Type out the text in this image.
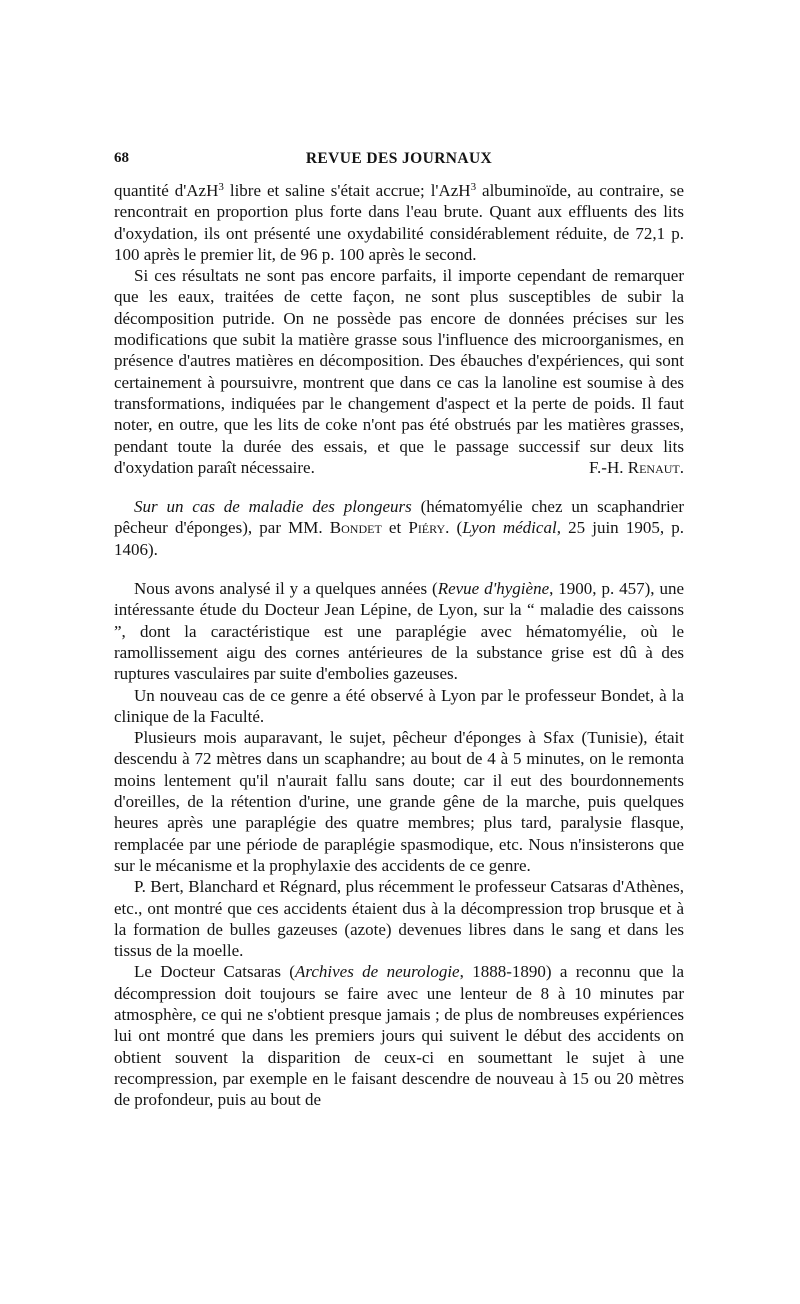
68	REVUE DES JOURNAUX

quantité d'AzH$^3$ libre et saline s'était accrue; l'AzH$^3$ albuminoïde, au contraire, se rencontrait en proportion plus forte dans l'eau brute. Quant aux effluents des lits d'oxydation, ils ont présenté une oxydabilité considérablement réduite, de 72,1 p. 100 après le premier lit, de 96 p. 100 après le second.

Si ces résultats ne sont pas encore parfaits, il importe cependant de remarquer que les eaux, traitées de cette façon, ne sont plus susceptibles de subir la décomposition putride. On ne possède pas encore de données précises sur les modifications que subit la matière grasse sous l'influence des microorganismes, en présence d'autres matières en décomposition. Des ébauches d'expériences, qui sont certainement à poursuivre, montrent que dans ce cas la lanoline est soumise à des transformations, indiquées par le changement d'aspect et la perte de poids. Il faut noter, en outre, que les lits de coke n'ont pas été obstrués par les matières grasses, pendant toute la durée des essais, et que le passage successif sur deux lits d'oxydation paraît nécessaire.	F.-H. Renaut.

Sur un cas de maladie des plongeurs (hématomyélie chez un scaphandrier pêcheur d'éponges), par MM. Bondet et Piéry. (Lyon médical, 25 juin 1905, p. 1406).

Nous avons analysé il y a quelques années (Revue d'hygiène, 1900, p. 457), une intéressante étude du Docteur Jean Lépine, de Lyon, sur la “ maladie des caissons ”, dont la caractéristique est une paraplégie avec hématomyélie, où le ramollissement aigu des cornes antérieures de la substance grise est dû à des ruptures vasculaires par suite d'embolies gazeuses.

Un nouveau cas de ce genre a été observé à Lyon par le professeur Bondet, à la clinique de la Faculté.

Plusieurs mois auparavant, le sujet, pêcheur d'éponges à Sfax (Tunisie), était descendu à 72 mètres dans un scaphandre; au bout de 4 à 5 minutes, on le remonta moins lentement qu'il n'aurait fallu sans doute; car il eut des bourdonnements d'oreilles, de la rétention d'urine, une grande gêne de la marche, puis quelques heures après une paraplégie des quatre membres; plus tard, paralysie flasque, remplacée par une période de paraplégie spasmodique, etc. Nous n'insisterons que sur le mécanisme et la prophylaxie des accidents de ce genre.

P. Bert, Blanchard et Régnard, plus récemment le professeur Catsaras d'Athènes, etc., ont montré que ces accidents étaient dus à la décompression trop brusque et à la formation de bulles gazeuses (azote) devenues libres dans le sang et dans les tissus de la moelle.

Le Docteur Catsaras (Archives de neurologie, 1888-1890) a reconnu que la décompression doit toujours se faire avec une lenteur de 8 à 10 minutes par atmosphère, ce qui ne s'obtient presque jamais ; de plus de nombreuses expériences lui ont montré que dans les premiers jours qui suivent le début des accidents on obtient souvent la disparition de ceux-ci en soumettant le sujet à une recompression, par exemple en le faisant descendre de nouveau à 15 ou 20 mètres de profondeur, puis au bout de
